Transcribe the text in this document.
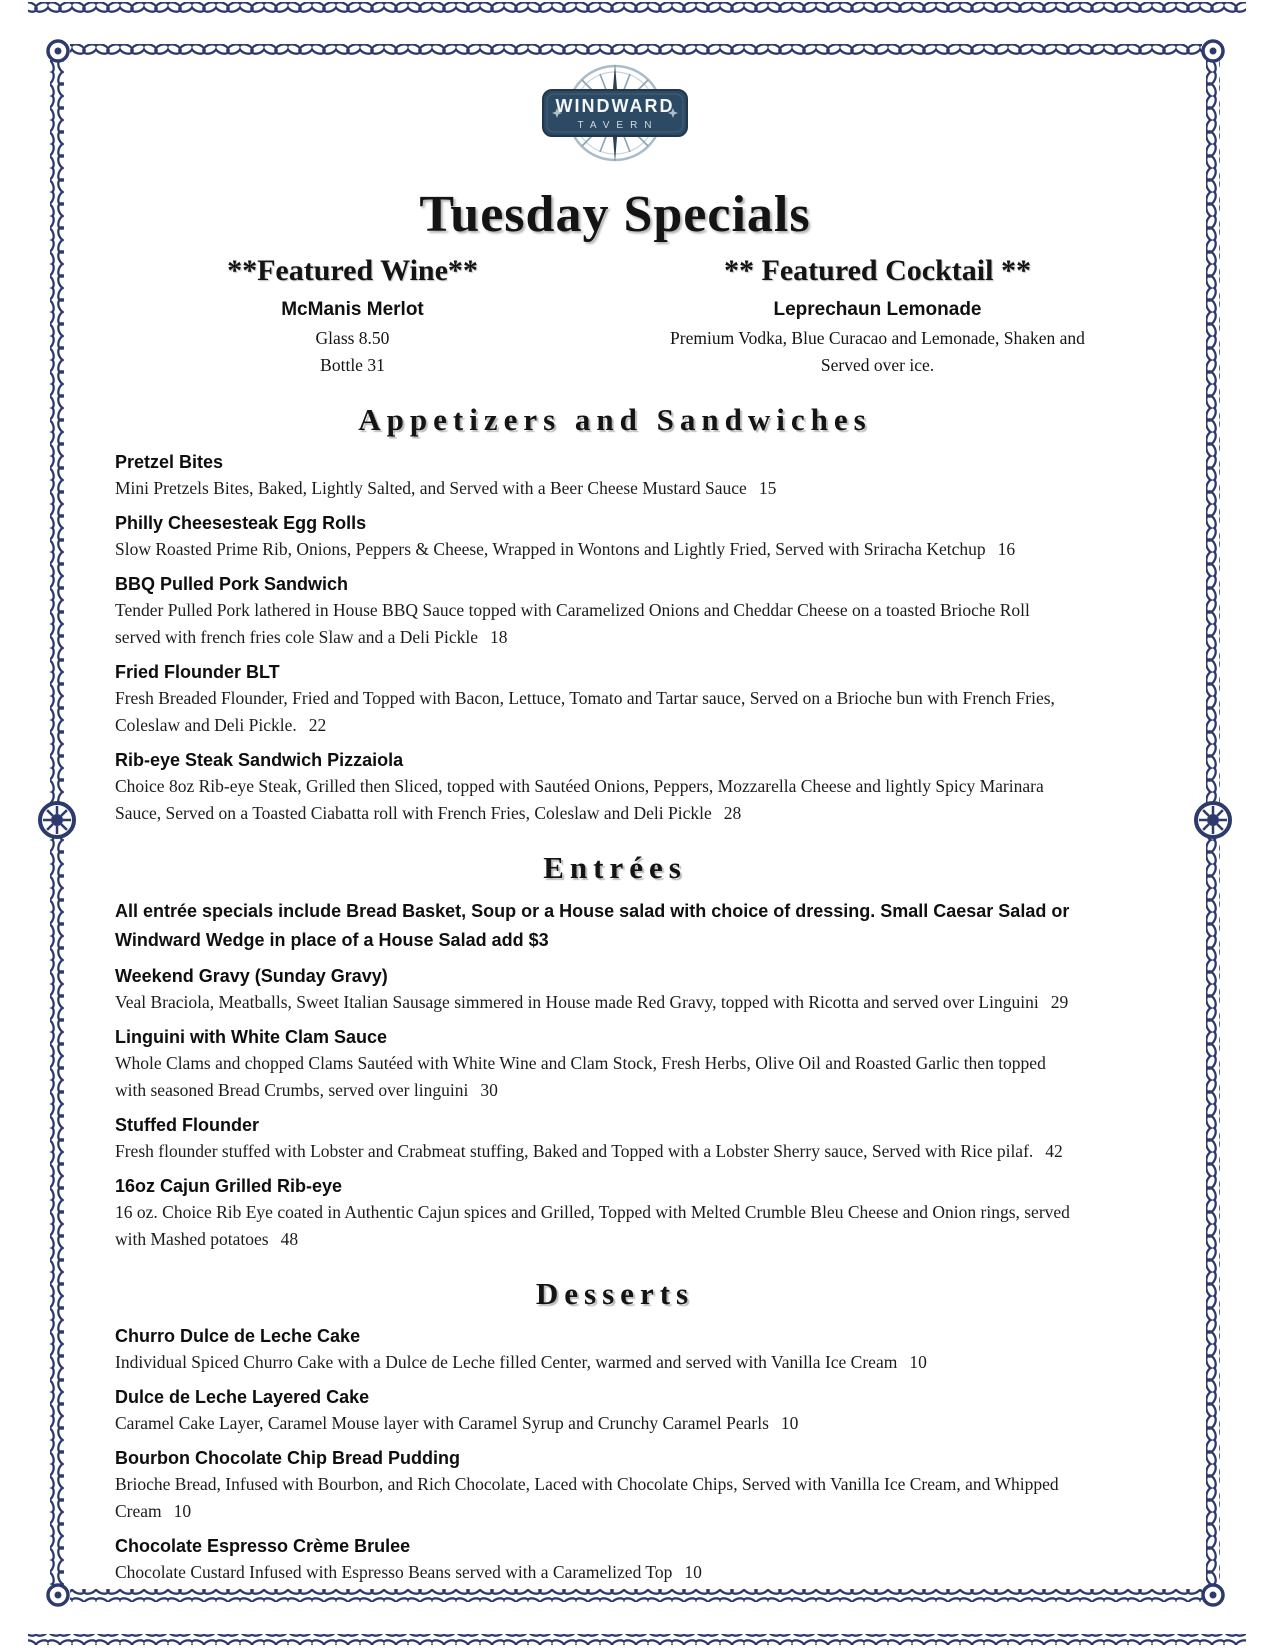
WINDWARD
TAVERN
Tuesday Specials
**Featured Wine**
McManis Merlot
Glass 8.50
Bottle 31
** Featured Cocktail **
Leprechaun Lemonade
Premium Vodka, Blue Curacao and Lemonade, Shaken and
Served over ice.
Appetizers and Sandwiches
Pretzel Bites
Mini Pretzels Bites, Baked, Lightly Salted, and Served with a Beer Cheese Mustard Sauce 15
Philly Cheesesteak Egg Rolls
Slow Roasted Prime Rib, Onions, Peppers & Cheese, Wrapped in Wontons and Lightly Fried, Served with Sriracha Ketchup 16
BBQ Pulled Pork Sandwich
Tender Pulled Pork lathered in House BBQ Sauce topped with Caramelized Onions and Cheddar Cheese on a toasted Brioche Roll
served with french fries cole Slaw and a Deli Pickle 18
Fried Flounder BLT
Fresh Breaded Flounder, Fried and Topped with Bacon, Lettuce, Tomato and Tartar sauce, Served on a Brioche bun with French Fries,
Coleslaw and Deli Pickle. 22
Rib-eye Steak Sandwich Pizzaiola
Choice 8oz Rib-eye Steak, Grilled then Sliced, topped with Sautéed Onions, Peppers, Mozzarella Cheese and lightly Spicy Marinara
Sauce, Served on a Toasted Ciabatta roll with French Fries, Coleslaw and Deli Pickle 28
Entrées
All entrée specials include Bread Basket, Soup or a House salad with choice of dressing. Small Caesar Salad or
Windward Wedge in place of a House Salad add $3
Weekend Gravy (Sunday Gravy)
Veal Braciola, Meatballs, Sweet Italian Sausage simmered in House made Red Gravy, topped with Ricotta and served over Linguini 29
Linguini with White Clam Sauce
Whole Clams and chopped Clams Sautéed with White Wine and Clam Stock, Fresh Herbs, Olive Oil and Roasted Garlic then topped
with seasoned Bread Crumbs, served over linguini 30
Stuffed Flounder
Fresh flounder stuffed with Lobster and Crabmeat stuffing, Baked and Topped with a Lobster Sherry sauce, Served with Rice pilaf. 42
16oz Cajun Grilled Rib-eye
16 oz. Choice Rib Eye coated in Authentic Cajun spices and Grilled, Topped with Melted Crumble Bleu Cheese and Onion rings, served
with Mashed potatoes 48
Desserts
Churro Dulce de Leche Cake
Individual Spiced Churro Cake with a Dulce de Leche filled Center, warmed and served with Vanilla Ice Cream 10
Dulce de Leche Layered Cake
Caramel Cake Layer, Caramel Mouse layer with Caramel Syrup and Crunchy Caramel Pearls 10
Bourbon Chocolate Chip Bread Pudding
Brioche Bread, Infused with Bourbon, and Rich Chocolate, Laced with Chocolate Chips, Served with Vanilla Ice Cream, and Whipped
Cream 10
Chocolate Espresso Crème Brulee
Chocolate Custard Infused with Espresso Beans served with a Caramelized Top 10
